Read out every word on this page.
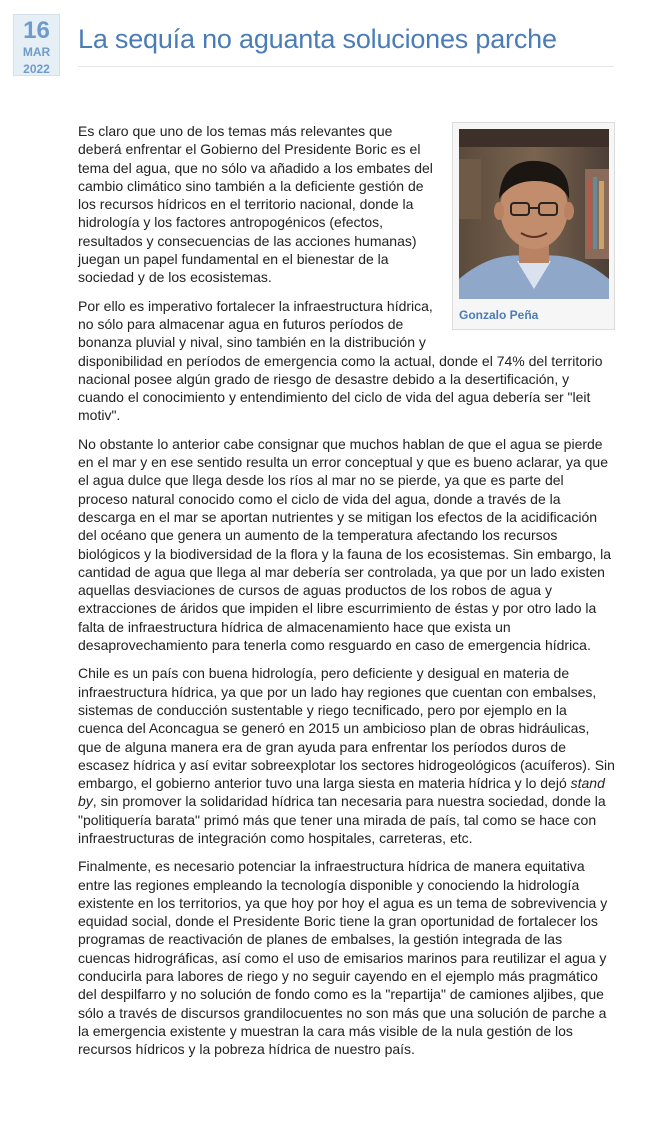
16
MAR
2022
La sequía no aguanta soluciones parche
Gonzalo Peña

Es claro que uno de los temas más relevantes que deberá enfrentar el Gobierno del Presidente Boric es el tema del agua, que no sólo va añadido a los embates del cambio climático sino también a la deficiente gestión de los recursos hídricos en el territorio nacional, donde la hidrología y los factores antropogénicos (efectos, resultados y consecuencias de las acciones humanas) juegan un papel fundamental en el bienestar de la sociedad y de los ecosistemas.

Por ello es imperativo fortalecer la infraestructura hídrica, no sólo para almacenar agua en futuros períodos de bonanza pluvial y nival, sino también en la distribución y disponibilidad en períodos de emergencia como la actual, donde el 74% del territorio nacional posee algún grado de riesgo de desastre debido a la desertificación, y cuando el conocimiento y entendimiento del ciclo de vida del agua debería ser "leit motiv".

No obstante lo anterior cabe consignar que muchos hablan de que el agua se pierde en el mar y en ese sentido resulta un error conceptual y que es bueno aclarar, ya que el agua dulce que llega desde los ríos al mar no se pierde, ya que es parte del proceso natural conocido como el ciclo de vida del agua, donde a través de la descarga en el mar se aportan nutrientes y se mitigan los efectos de la acidificación del océano que genera un aumento de la temperatura afectando los recursos biológicos y la biodiversidad de la flora y la fauna de los ecosistemas. Sin embargo, la cantidad de agua que llega al mar debería ser controlada, ya que por un lado existen aquellas desviaciones de cursos de aguas productos de los robos de agua y extracciones de áridos que impiden el libre escurrimiento de éstas y por otro lado la falta de infraestructura hídrica de almacenamiento hace que exista un desaprovechamiento para tenerla como resguardo en caso de emergencia hídrica.

Chile es un país con buena hidrología, pero deficiente y desigual en materia de infraestructura hídrica, ya que por un lado hay regiones que cuentan con embalses, sistemas de conducción sustentable y riego tecnificado, pero por ejemplo en la cuenca del Aconcagua se generó en 2015 un ambicioso plan de obras hidráulicas, que de alguna manera era de gran ayuda para enfrentar los períodos duros de escasez hídrica y así evitar sobreexplotar los sectores hidrogeológicos (acuíferos). Sin embargo, el gobierno anterior tuvo una larga siesta en materia hídrica y lo dejó stand by, sin promover la solidaridad hídrica tan necesaria para nuestra sociedad, donde la "politiquería barata" primó más que tener una mirada de país, tal como se hace con infraestructuras de integración como hospitales, carreteras, etc.

Finalmente, es necesario potenciar la infraestructura hídrica de manera equitativa entre las regiones empleando la tecnología disponible y conociendo la hidrología existente en los territorios, ya que hoy por hoy el agua es un tema de sobrevivencia y equidad social, donde el Presidente Boric tiene la gran oportunidad de fortalecer los programas de reactivación de planes de embalses, la gestión integrada de las cuencas hidrográficas, así como el uso de emisarios marinos para reutilizar el agua y conducirla para labores de riego y no seguir cayendo en el ejemplo más pragmático del despilfarro y no solución de fondo como es la "repartija" de camiones aljibes, que sólo a través de discursos grandilocuentes no son más que una solución de parche a la emergencia existente y muestran la cara más visible de la nula gestión de los recursos hídricos y la pobreza hídrica de nuestro país.
